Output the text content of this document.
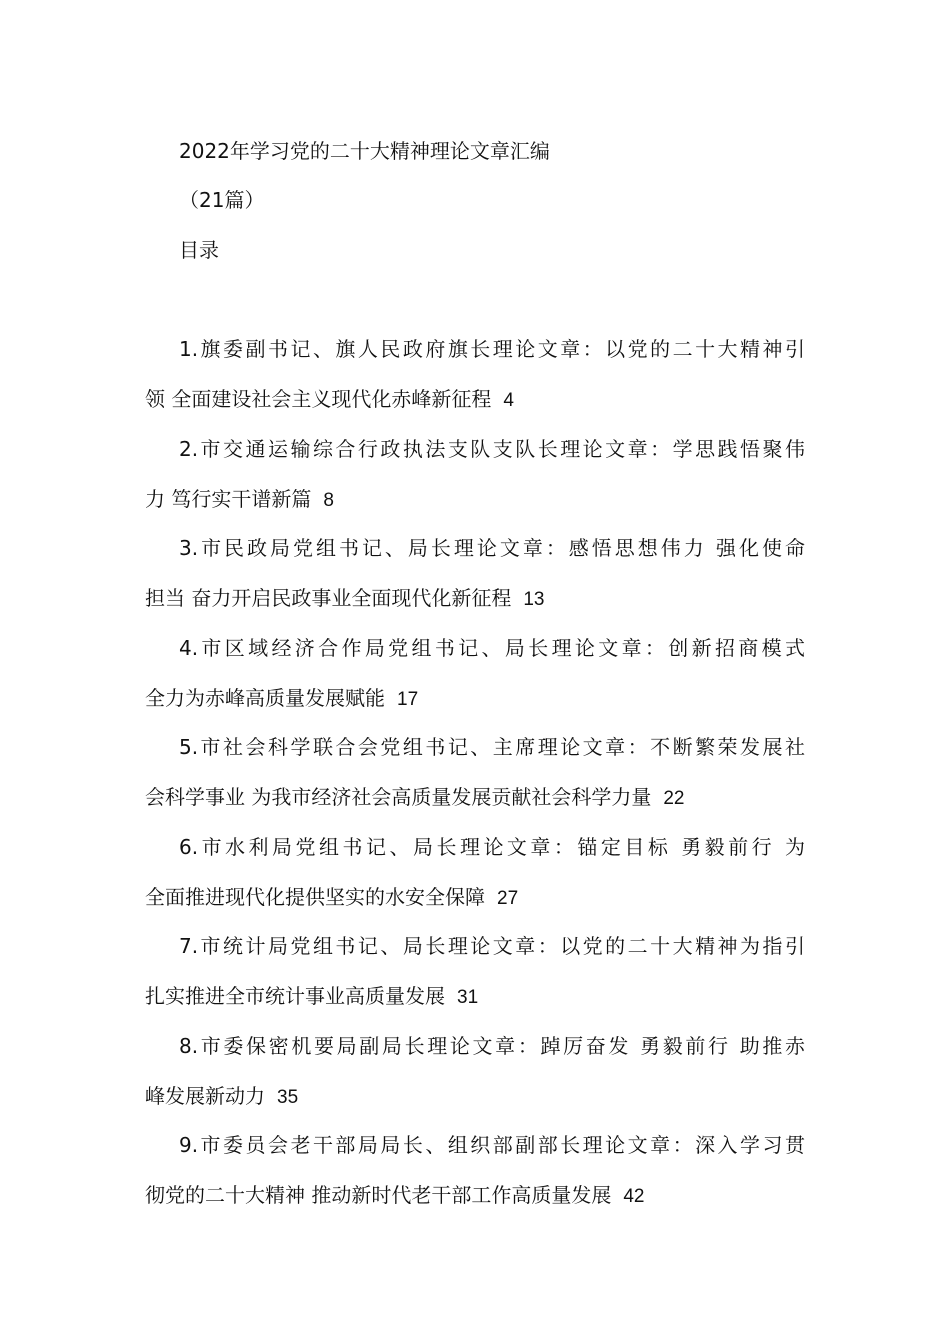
2022年学习党的二十大精神理论文章汇编
（21篇）
目录
1.旗委副书记、旗人民政府旗长理论文章：以党的二十大精神引
领 全面建设社会主义现代化赤峰新征程 4
2.市交通运输综合行政执法支队支队长理论文章：学思践悟聚伟
力 笃行实干谱新篇 8
3.市民政局党组书记、局长理论文章：感悟思想伟力 强化使命
担当 奋力开启民政事业全面现代化新征程 13
4.市区域经济合作局党组书记、局长理论文章：创新招商模式
全力为赤峰高质量发展赋能 17
5.市社会科学联合会党组书记、主席理论文章：不断繁荣发展社
会科学事业 为我市经济社会高质量发展贡献社会科学力量 22
6.市水利局党组书记、局长理论文章：锚定目标 勇毅前行 为
全面推进现代化提供坚实的水安全保障 27
7.市统计局党组书记、局长理论文章：以党的二十大精神为指引
扎实推进全市统计事业高质量发展 31
8.市委保密机要局副局长理论文章：踔厉奋发 勇毅前行 助推赤
峰发展新动力 35
9.市委员会老干部局局长、组织部副部长理论文章：深入学习贯
彻党的二十大精神 推动新时代老干部工作高质量发展 42
